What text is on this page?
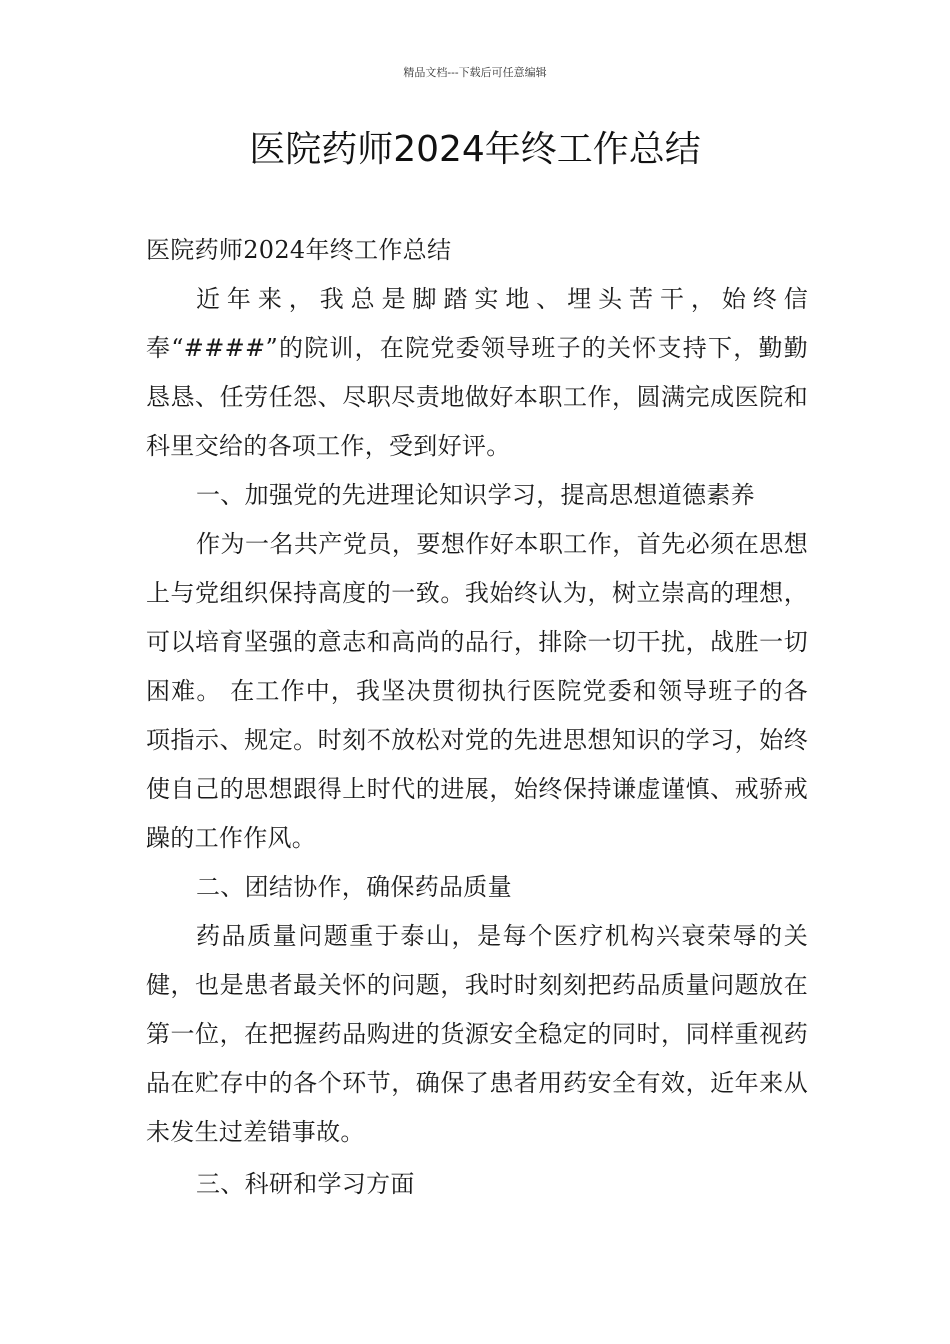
精品文档---下载后可任意编辑
医院药师2024年终工作总结

医院药师2024年终工作总结

近年来，我总是脚踏实地、埋头苦干，始终信奉“####”的院训，在院党委领导班子的关怀支持下，勤勤恳恳、任劳任怨、尽职尽责地做好本职工作，圆满完成医院和科里交给的各项工作，受到好评。

一、加强党的先进理论知识学习，提高思想道德素养

作为一名共产党员，要想作好本职工作，首先必须在思想上与党组织保持高度的一致。我始终认为，树立崇高的理想，可以培育坚强的意志和高尚的品行，排除一切干扰，战胜一切困难。 在工作中，我坚决贯彻执行医院党委和领导班子的各项指示、规定。时刻不放松对党的先进思想知识的学习，始终使自己的思想跟得上时代的进展，始终保持谦虚谨慎、戒骄戒躁的工作作风。

二、团结协作，确保药品质量

药品质量问题重于泰山，是每个医疗机构兴衰荣辱的关健，也是患者最关怀的问题，我时时刻刻把药品质量问题放在第一位，在把握药品购进的货源安全稳定的同时，同样重视药品在贮存中的各个环节，确保了患者用药安全有效，近年来从未发生过差错事故。

三、科研和学习方面
